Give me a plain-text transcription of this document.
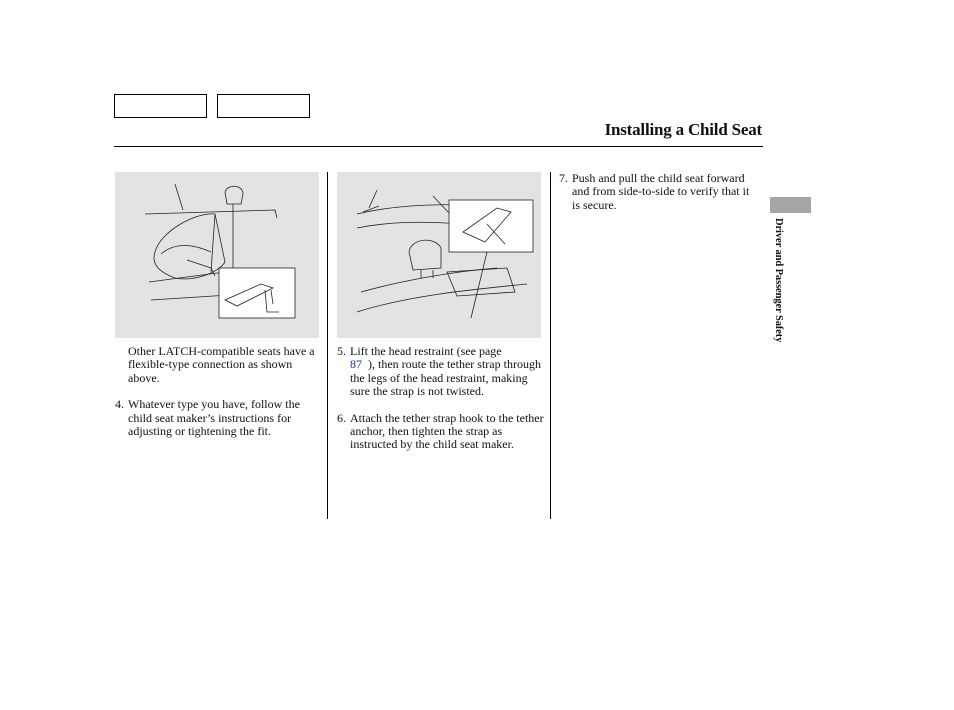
Installing a Child Seat

Other LATCH-compatible seats have a flexible-type connection as shown above.

4. Whatever type you have, follow the child seat maker’s instructions for adjusting or tightening the fit.
5. Lift the head restraint (see page
87 ), then route the tether strap through the legs of the head restraint, making sure the strap is not twisted.
6. Attach the tether strap hook to the tether anchor, then tighten the strap as instructed by the child seat maker.
7. Push and pull the child seat forward and from side-to-side to verify that it is secure.
Driver and Passenger Safety
